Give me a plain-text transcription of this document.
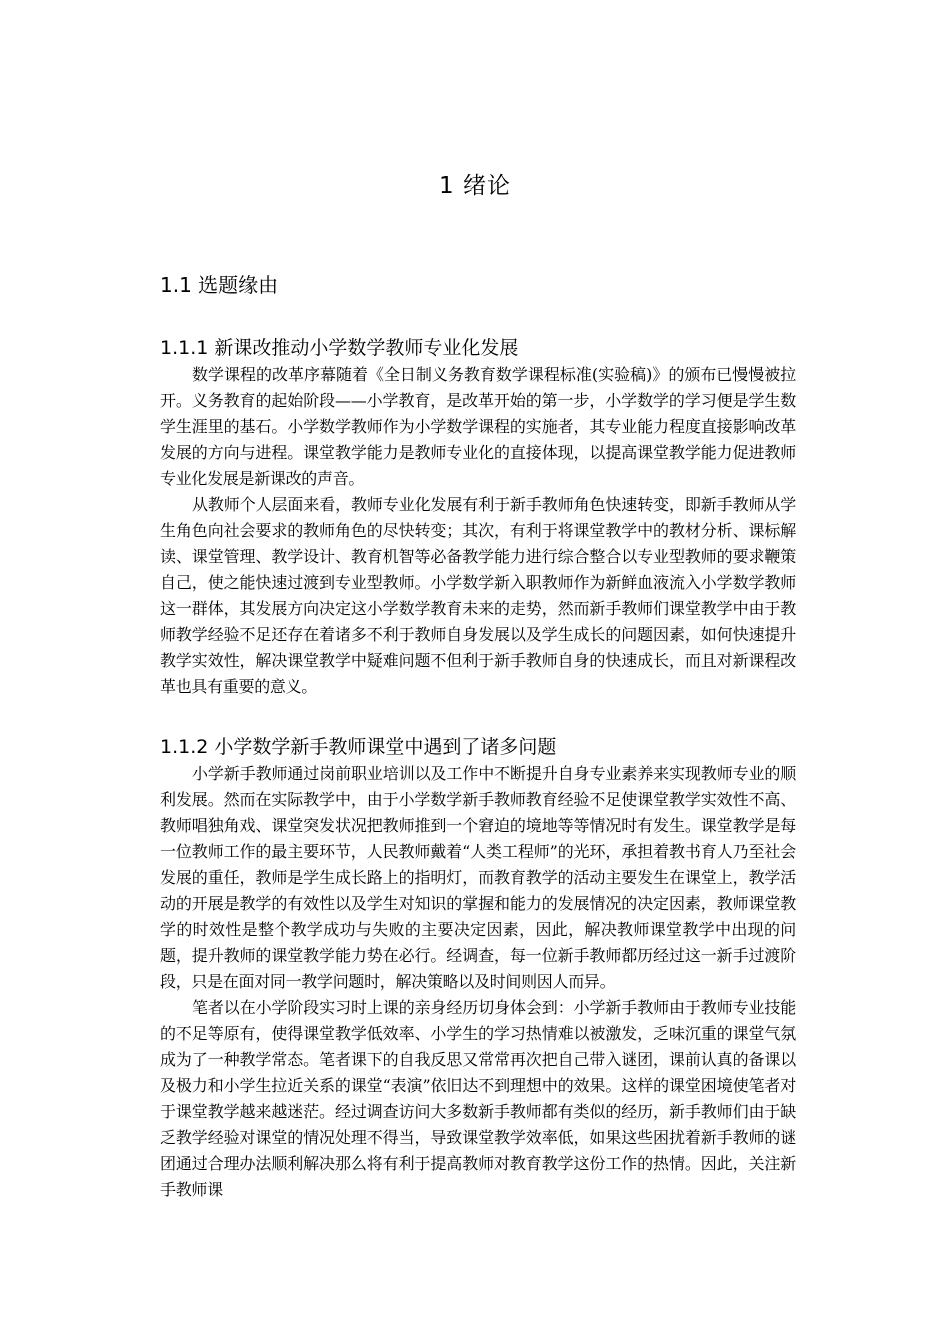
1 绪论
1.1 选题缘由
1.1.1 新课改推动小学数学教师专业化发展

数学课程的改革序幕随着《全日制义务教育数学课程标准(实验稿)》的颁布已慢慢被拉开。义务教育的起始阶段——小学教育，是改革开始的第一步，小学数学的学习便是学生数学生涯里的基石。小学数学教师作为小学数学课程的实施者，其专业能力程度直接影响改革发展的方向与进程。课堂教学能力是教师专业化的直接体现，以提高课堂教学能力促进教师专业化发展是新课改的声音。

从教师个人层面来看，教师专业化发展有利于新手教师角色快速转变，即新手教师从学生角色向社会要求的教师角色的尽快转变；其次，有利于将课堂教学中的教材分析、课标解读、课堂管理、教学设计、教育机智等必备教学能力进行综合整合以专业型教师的要求鞭策自己，使之能快速过渡到专业型教师。小学数学新入职教师作为新鲜血液流入小学数学教师这一群体，其发展方向决定这小学数学教育未来的走势，然而新手教师们课堂教学中由于教师教学经验不足还存在着诸多不利于教师自身发展以及学生成长的问题因素，如何快速提升教学实效性，解决课堂教学中疑难问题不但利于新手教师自身的快速成长，而且对新课程改革也具有重要的意义。

1.1.2 小学数学新手教师课堂中遇到了诸多问题

小学新手教师通过岗前职业培训以及工作中不断提升自身专业素养来实现教师专业的顺利发展。然而在实际教学中，由于小学数学新手教师教育经验不足使课堂教学实效性不高、教师唱独角戏、课堂突发状况把教师推到一个窘迫的境地等等情况时有发生。课堂教学是每一位教师工作的最主要环节，人民教师戴着“人类工程师”的光环，承担着教书育人乃至社会发展的重任，教师是学生成长路上的指明灯，而教育教学的活动主要发生在课堂上，教学活动的开展是教学的有效性以及学生对知识的掌握和能力的发展情况的决定因素，教师课堂教学的时效性是整个教学成功与失败的主要决定因素，因此，解决教师课堂教学中出现的问题，提升教师的课堂教学能力势在必行。经调查，每一位新手教师都历经过这一新手过渡阶段，只是在面对同一教学问题时，解决策略以及时间则因人而异。

笔者以在小学阶段实习时上课的亲身经历切身体会到：小学新手教师由于教师专业技能的不足等原有，使得课堂教学低效率、小学生的学习热情难以被激发，乏味沉重的课堂气氛成为了一种教学常态。笔者课下的自我反思又常常再次把自己带入谜团，课前认真的备课以及极力和小学生拉近关系的课堂“表演”依旧达不到理想中的效果。这样的课堂困境使笔者对于课堂教学越来越迷茫。经过调查访问大多数新手教师都有类似的经历，新手教师们由于缺乏教学经验对课堂的情况处理不得当，导致课堂教学效率低，如果这些困扰着新手教师的谜团通过合理办法顺利解决那么将有利于提高教师对教育教学这份工作的热情。因此，关注新手教师课
